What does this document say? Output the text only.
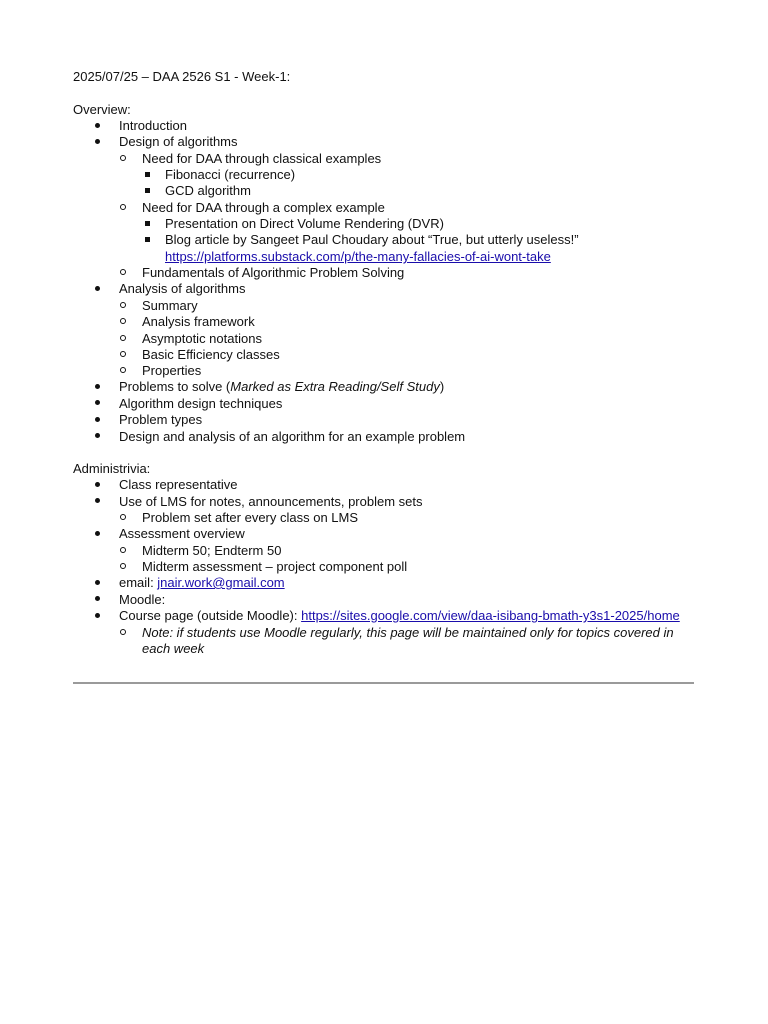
2025/07/25 – DAA 2526 S1 - Week-1:
Overview:
Introduction
Design of algorithms
Need for DAA through classical examples
Fibonacci (recurrence)
GCD algorithm
Need for DAA through a complex example
Presentation on Direct Volume Rendering (DVR)
Blog article by Sangeet Paul Choudary about “True, but utterly useless!”
https://platforms.substack.com/p/the-many-fallacies-of-ai-wont-take
Fundamentals of Algorithmic Problem Solving
Analysis of algorithms
Summary
Analysis framework
Asymptotic notations
Basic Efficiency classes
Properties
Problems to solve (Marked as Extra Reading/Self Study)
Algorithm design techniques
Problem types
Design and analysis of an algorithm for an example problem
Administrivia:
Class representative
Use of LMS for notes, announcements, problem sets
Problem set after every class on LMS
Assessment overview
Midterm 50; Endterm 50
Midterm assessment – project component poll
email: jnair.work@gmail.com
Moodle:
Course page (outside Moodle): https://sites.google.com/view/daa-isibang-bmath-y3s1-2025/home
Note: if students use Moodle regularly, this page will be maintained only for topics covered in
each week
